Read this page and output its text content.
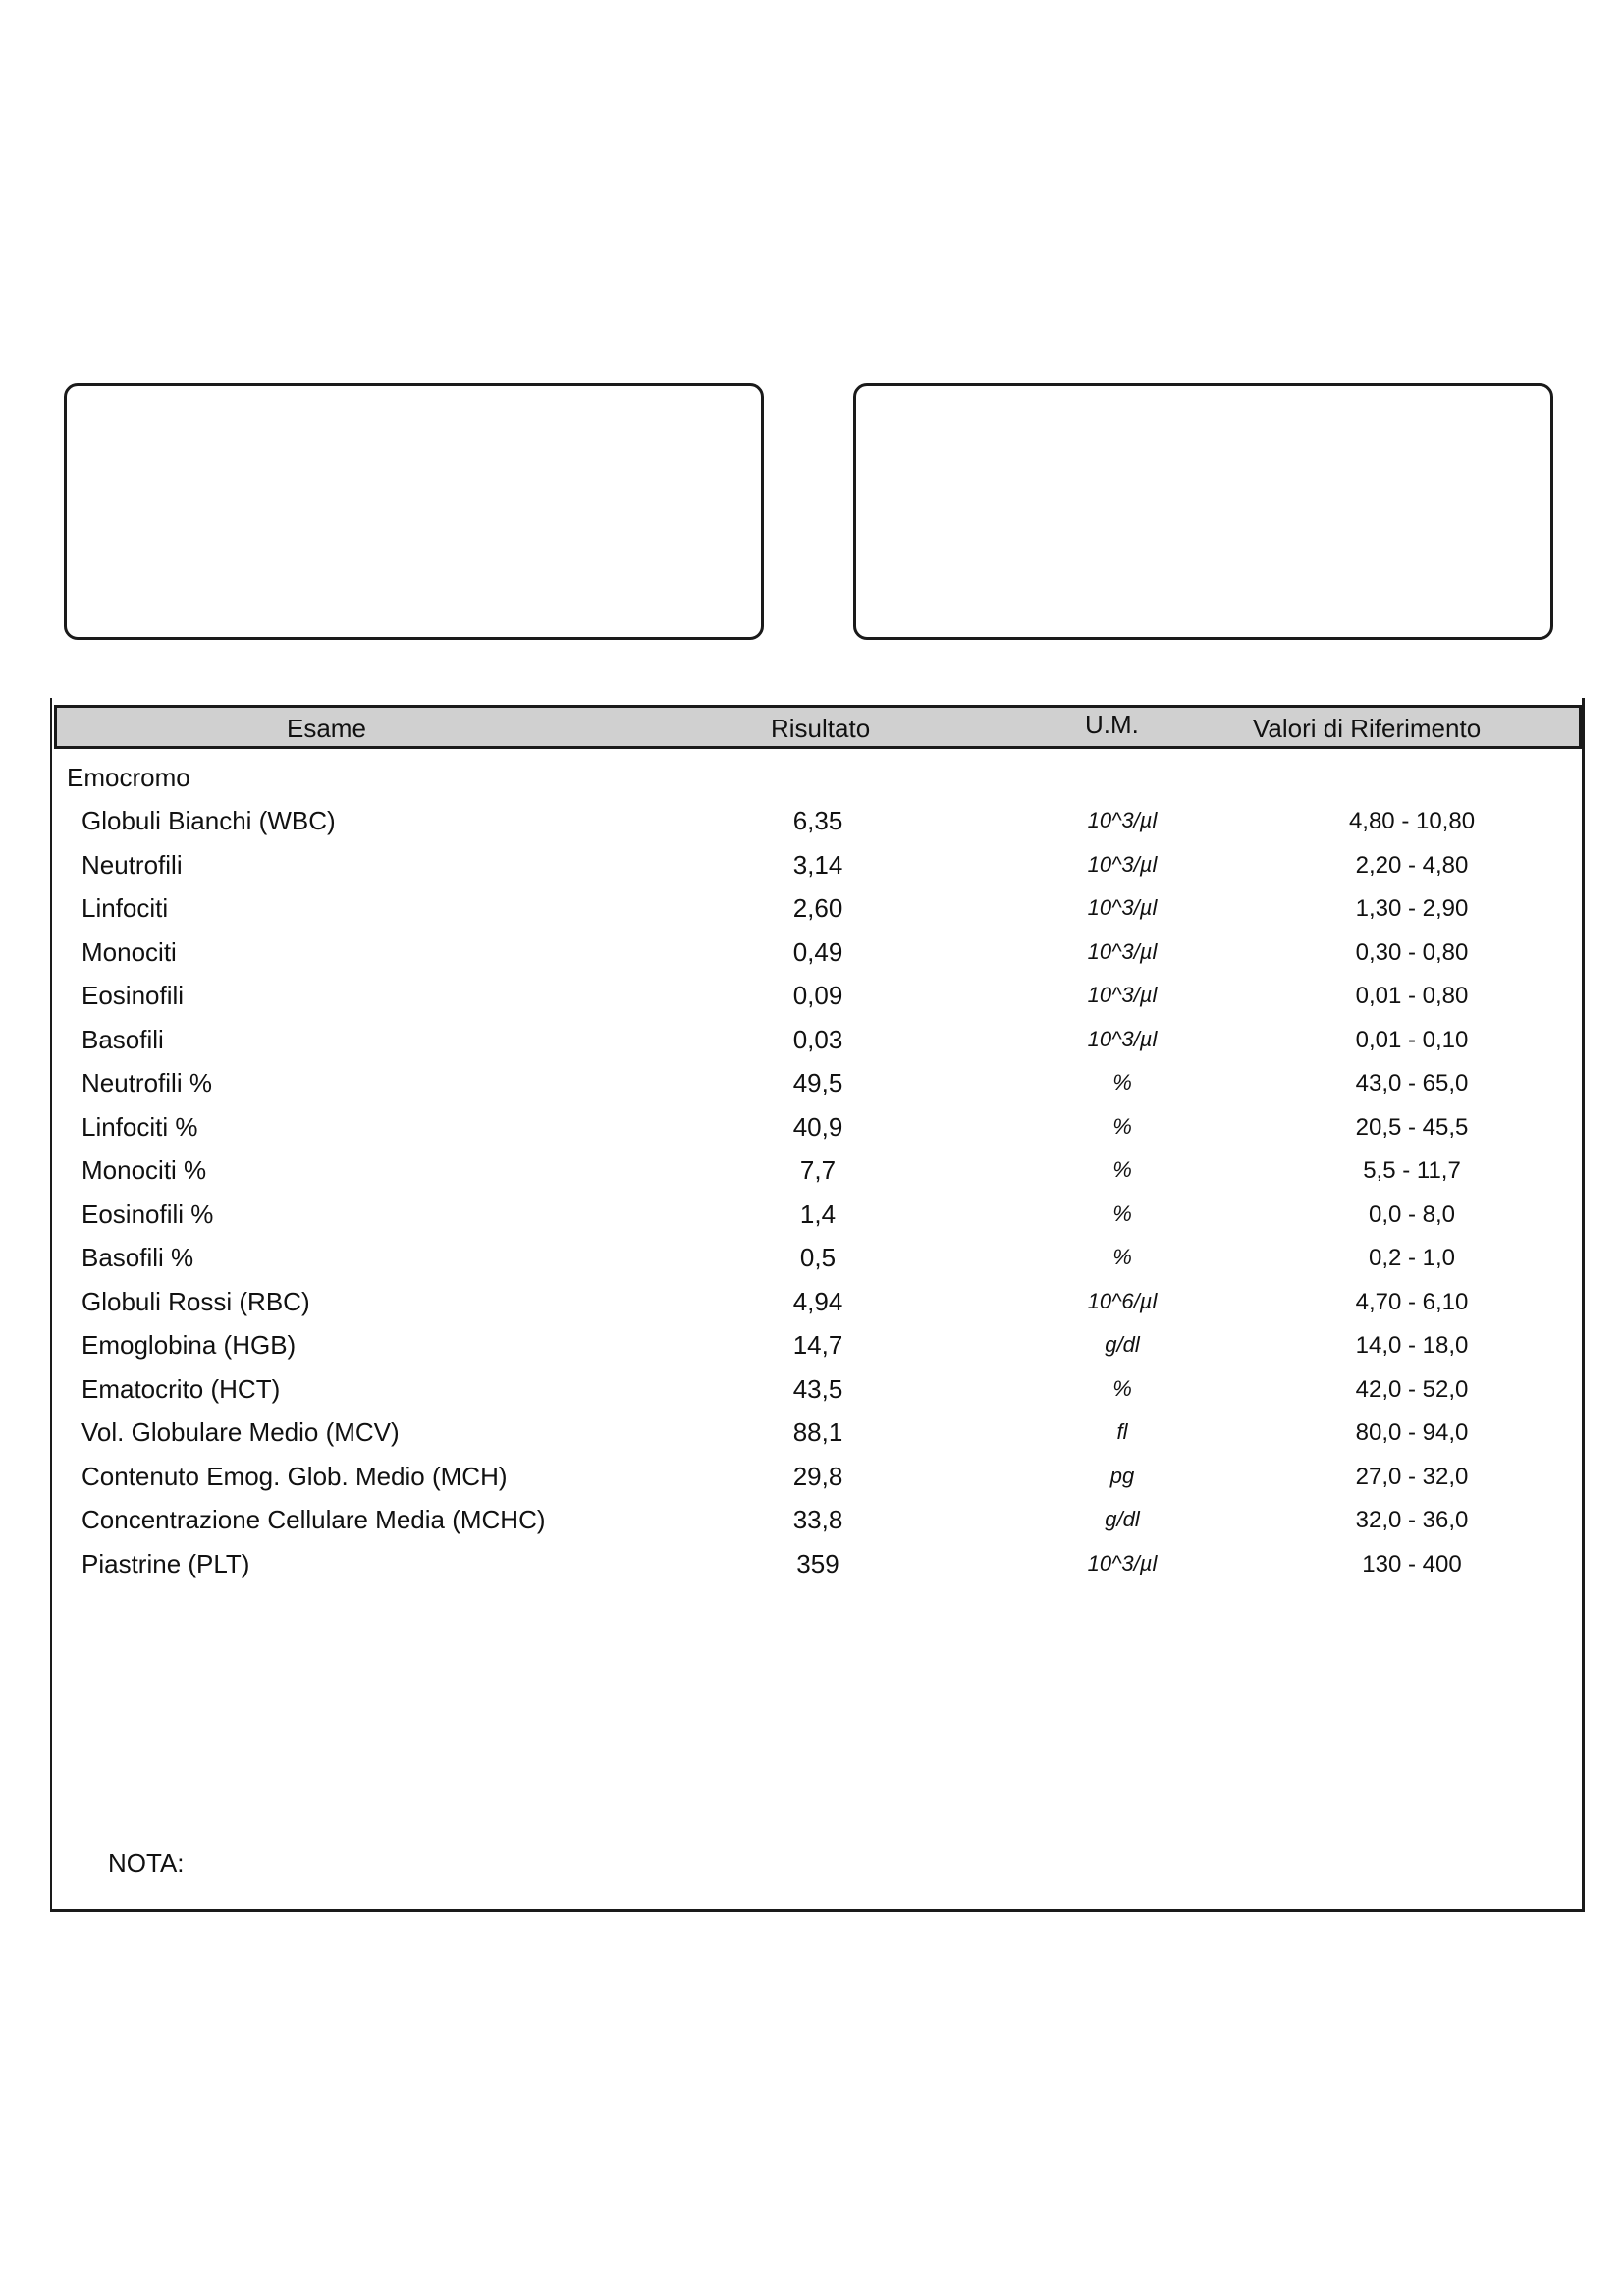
Esame	Risultato	U.M.	Valori di Riferimento
Emocromo
Globuli Bianchi (WBC)	6,35	10^3/µl	4,80 - 10,80
Neutrofili	3,14	10^3/µl	2,20 - 4,80
Linfociti	2,60	10^3/µl	1,30 - 2,90
Monociti	0,49	10^3/µl	0,30 - 0,80
Eosinofili	0,09	10^3/µl	0,01 - 0,80
Basofili	0,03	10^3/µl	0,01 - 0,10
Neutrofili %	49,5	%	43,0 - 65,0
Linfociti %	40,9	%	20,5 - 45,5
Monociti %	7,7	%	5,5 - 11,7
Eosinofili %	1,4	%	0,0 - 8,0
Basofili %	0,5	%	0,2 - 1,0
Globuli Rossi (RBC)	4,94	10^6/µl	4,70 - 6,10
Emoglobina (HGB)	14,7	g/dl	14,0 - 18,0
Ematocrito (HCT)	43,5	%	42,0 - 52,0
Vol. Globulare Medio (MCV)	88,1	fl	80,0 - 94,0
Contenuto Emog. Glob. Medio (MCH)	29,8	pg	27,0 - 32,0
Concentrazione Cellulare Media (MCHC)	33,8	g/dl	32,0 - 36,0
Piastrine (PLT)	359	10^3/µl	130 - 400
NOTA:
